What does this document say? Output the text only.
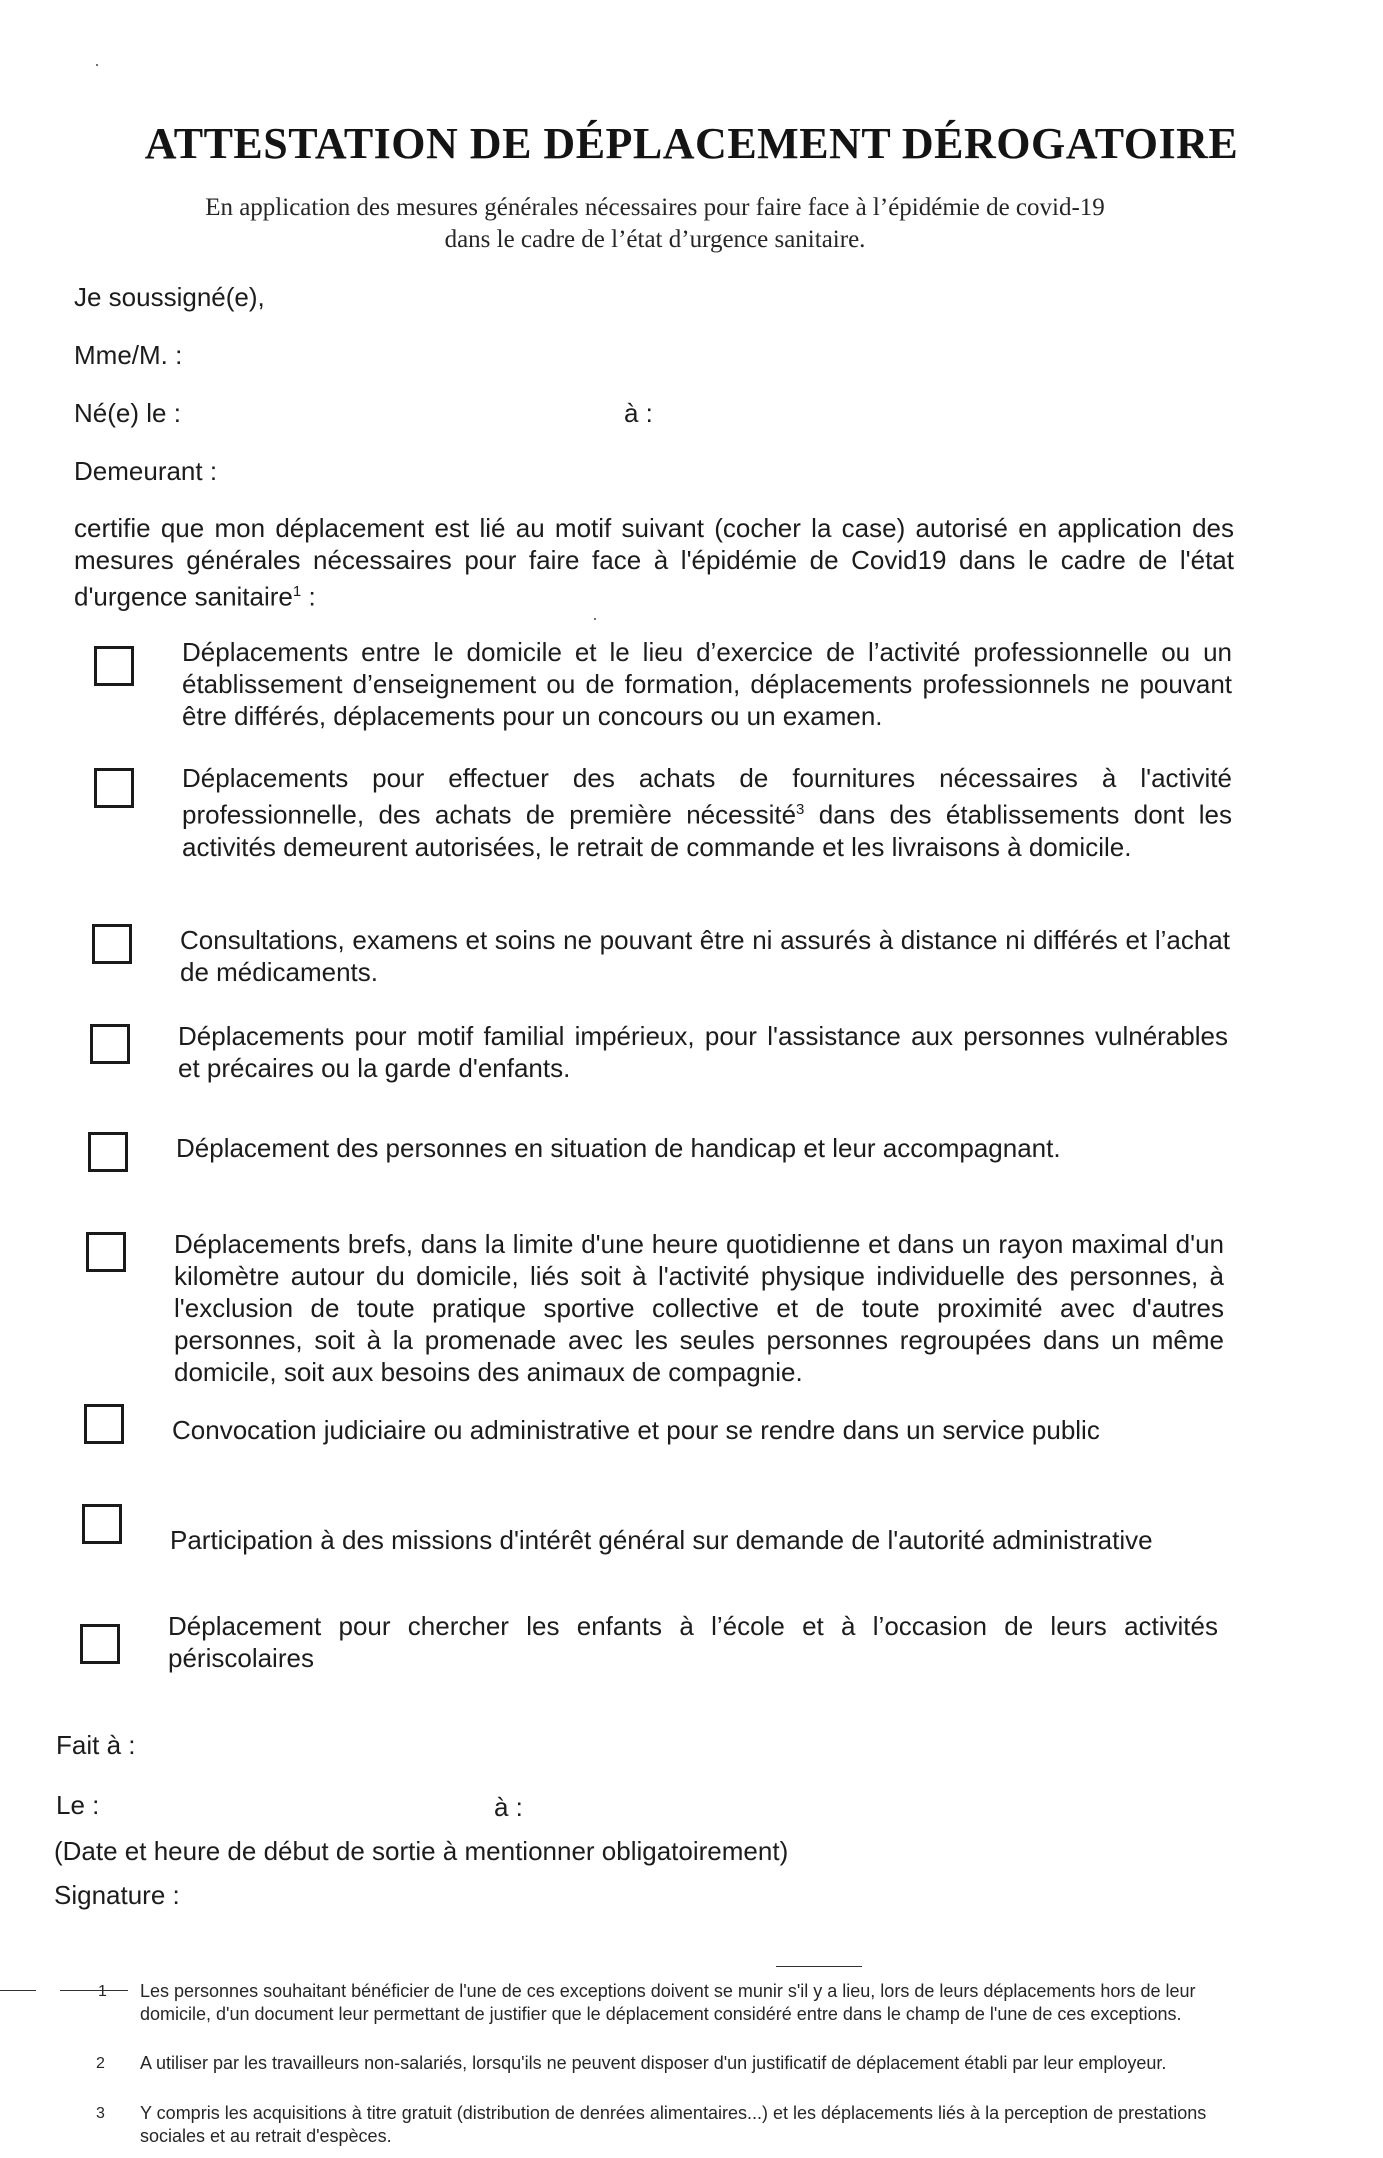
ATTESTATION DE DÉPLACEMENT DÉROGATOIRE
En application des mesures générales nécessaires pour faire face à l’épidémie de covid-19
dans le cadre de l’état d’urgence sanitaire.
Je soussigné(e),
Mme/M. :
Né(e) le :	à :
Demeurant :
certifie que mon déplacement est lié au motif suivant (cocher la case) autorisé en application des mesures générales nécessaires pour faire face à l'épidémie de Covid19 dans le cadre de l'état d'urgence sanitaire$^1$ :
Déplacements entre le domicile et le lieu d’exercice de l’activité professionnelle ou un établissement d’enseignement ou de formation, déplacements professionnels ne pouvant être différés, déplacements pour un concours ou un examen.
Déplacements pour effectuer des achats de fournitures nécessaires à l'activité professionnelle, des achats de première nécessité$^3$ dans des établissements dont les activités demeurent autorisées, le retrait de commande et les livraisons à domicile.
Consultations, examens et soins ne pouvant être ni assurés à distance ni différés et l’achat de médicaments.
Déplacements pour motif familial impérieux, pour l'assistance aux personnes vulnérables et précaires ou la garde d'enfants.
Déplacement des personnes en situation de handicap et leur accompagnant.
Déplacements brefs, dans la limite d'une heure quotidienne et dans un rayon maximal d'un kilomètre autour du domicile, liés soit à l'activité physique individuelle des personnes, à l'exclusion de toute pratique sportive collective et de toute proximité avec d'autres personnes, soit à la promenade avec les seules personnes regroupées dans un même domicile, soit aux besoins des animaux de compagnie.
Convocation judiciaire ou administrative et pour se rendre dans un service public
Participation à des missions d'intérêt général sur demande de l'autorité administrative
Déplacement pour chercher les enfants à l’école et à l’occasion de leurs activités périscolaires
Fait à :
Le :	à :
(Date et heure de début de sortie à mentionner obligatoirement)
Signature :
1 Les personnes souhaitant bénéficier de l'une de ces exceptions doivent se munir s'il y a lieu, lors de leurs déplacements hors de leur domicile, d'un document leur permettant de justifier que le déplacement considéré entre dans le champ de l'une de ces exceptions.
2 A utiliser par les travailleurs non-salariés, lorsqu'ils ne peuvent disposer d'un justificatif de déplacement établi par leur employeur.
3 Y compris les acquisitions à titre gratuit (distribution de denrées alimentaires...) et les déplacements liés à la perception de prestations sociales et au retrait d'espèces.
